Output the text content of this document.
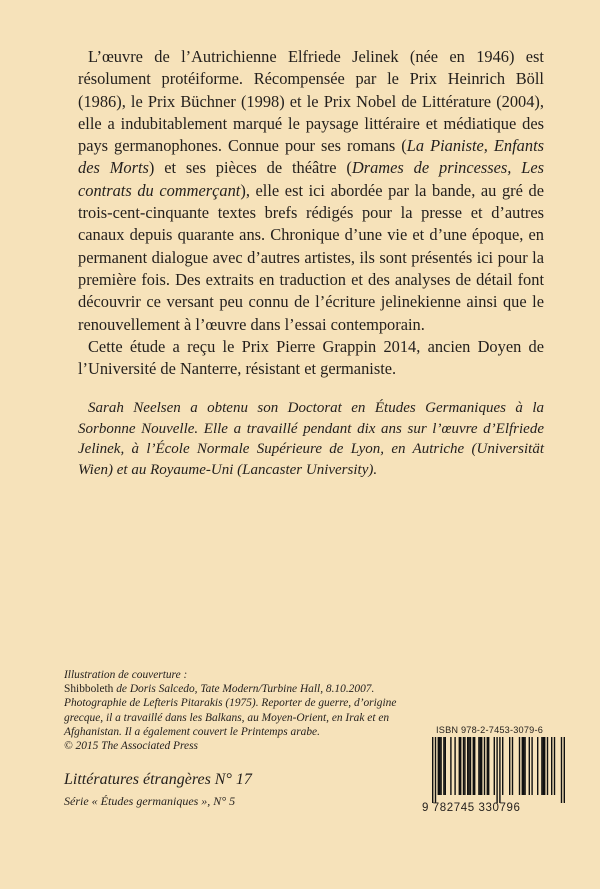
L’œuvre de l’Autrichienne Elfriede Jelinek (née en 1946) est résolument protéiforme. Récompensée par le Prix Heinrich Böll (1986), le Prix Büchner (1998) et le Prix Nobel de Littérature (2004), elle a indubitablement marqué le paysage littéraire et médiatique des pays germanophones. Connue pour ses romans (La Pianiste, Enfants des Morts) et ses pièces de théâtre (Drames de princesses, Les contrats du commerçant), elle est ici abordée par la bande, au gré de trois-cent-cinquante textes brefs rédigés pour la presse et d’autres canaux depuis quarante ans. Chronique d’une vie et d’une époque, en permanent dialogue avec d’autres artistes, ils sont présentés ici pour la première fois. Des extraits en traduction et des analyses de détail font découvrir ce versant peu connu de l’écriture jelinekienne ainsi que le renouvellement à l’œuvre dans l’essai contemporain.

Cette étude a reçu le Prix Pierre Grappin 2014, ancien Doyen de l’Université de Nanterre, résistant et germaniste.

Sarah Neelsen a obtenu son Doctorat en Études Germaniques à la Sorbonne Nouvelle. Elle a travaillé pendant dix ans sur l’œuvre d’Elfriede Jelinek, à l’École Normale Supérieure de Lyon, en Autriche (Universität Wien) et au Royaume-Uni (Lancaster University).
Illustration de couverture :
Shibboleth de Doris Salcedo, Tate Modern/Turbine Hall, 8.10.2007.
Photographie de Lefteris Pitarakis (1975). Reporter de guerre, d’origine grecque, il a travaillé dans les Balkans, au Moyen-Orient, en Irak et en Afghanistan. Il a également couvert le Printemps arabe.
© 2015 The Associated Press
Littératures étrangères N° 17
Série « Études germaniques », N° 5
ISBN 978-2-7453-3079-6
9 782745 330796
